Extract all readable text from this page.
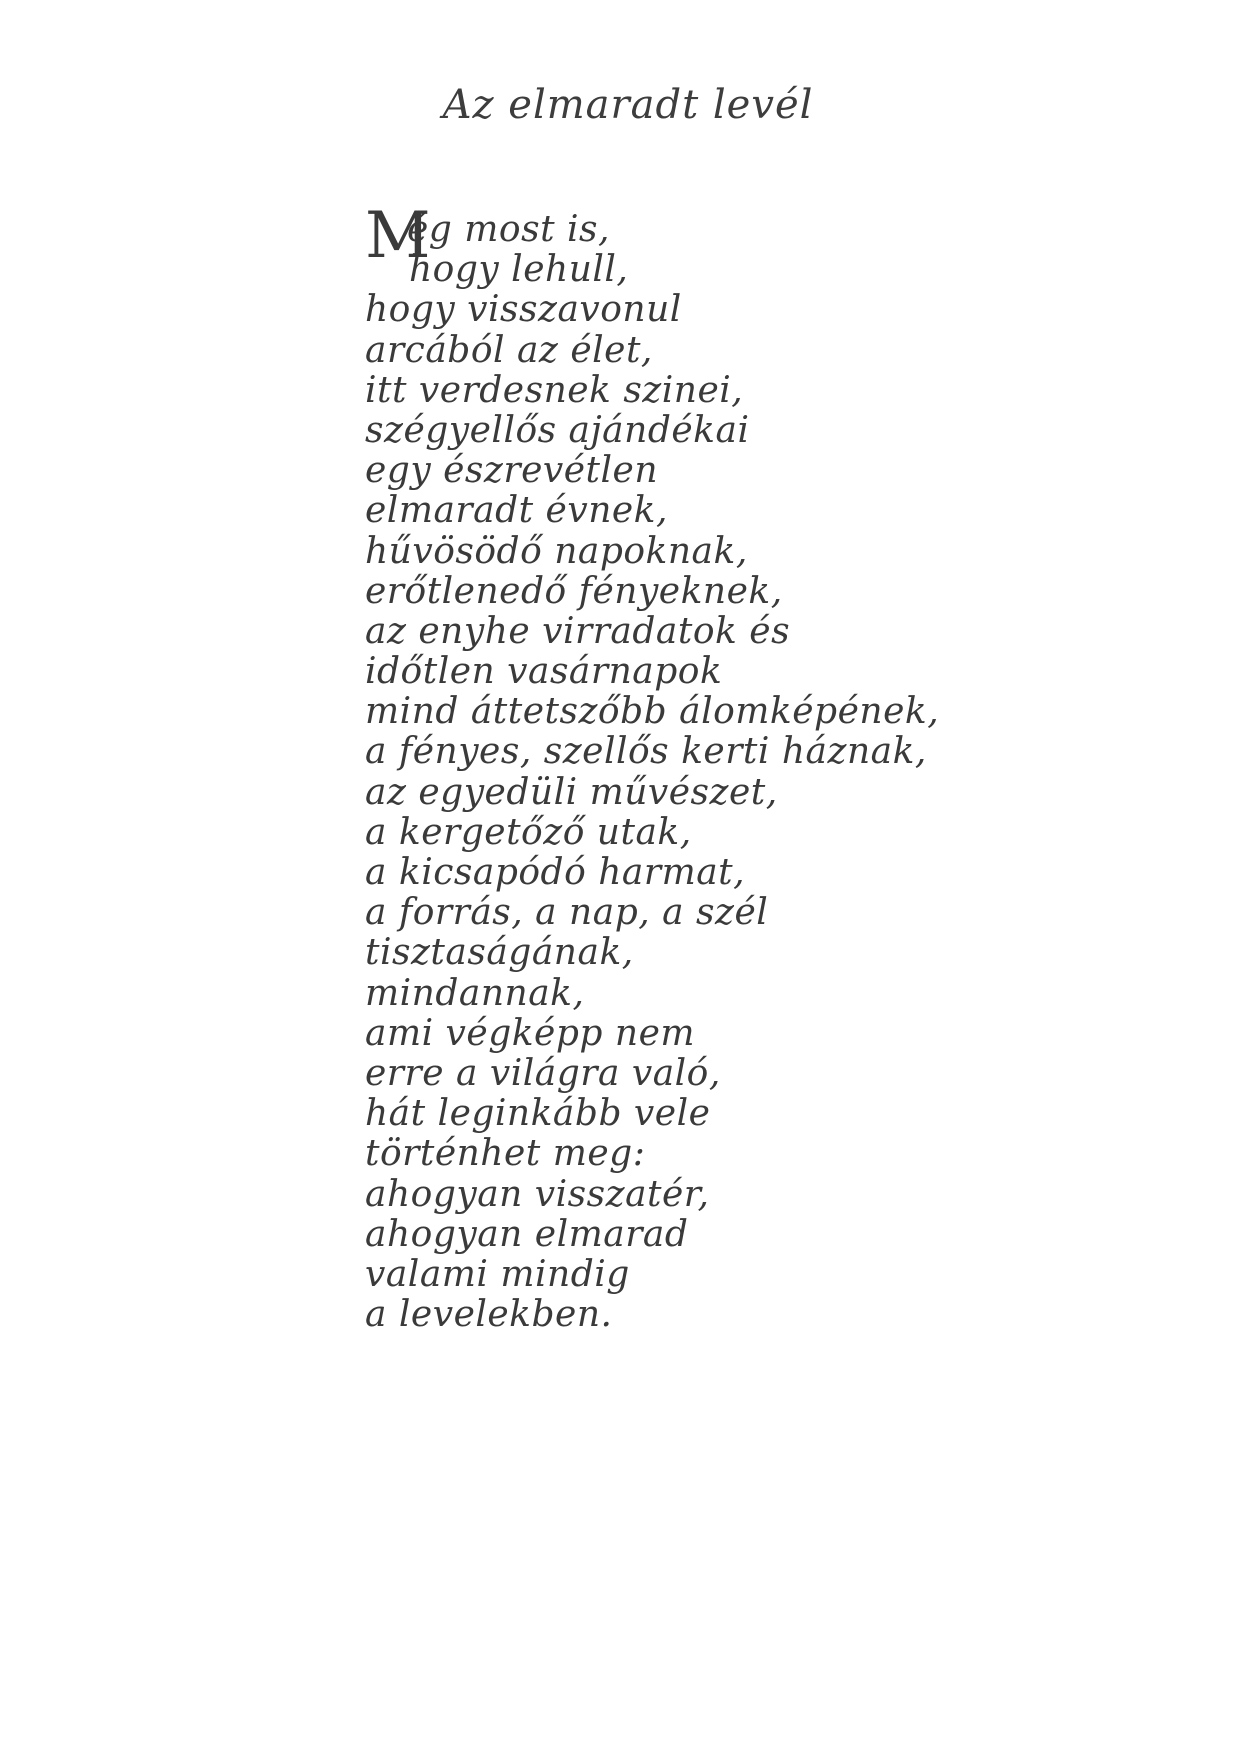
Az elmaradt levél
Még most is,
hogy lehull,
hogy visszavonul
arcából az élet,
itt verdesnek szinei,
szégyellős ajándékai
egy észrevétlen
elmaradt évnek,
hűvösödő napoknak,
erőtlenedő fényeknek,
az enyhe virradatok és
időtlen vasárnapok
mind áttetszőbb álomképének,
a fényes, szellős kerti háznak,
az egyedüli művészet,
a kergetőző utak,
a kicsapódó harmat,
a forrás, a nap, a szél
tisztaságának,
mindannak,
ami végképp nem
erre a világra való,
hát leginkább vele
történhet meg:
ahogyan visszatér,
ahogyan elmarad
valami mindig
a levelekben.
